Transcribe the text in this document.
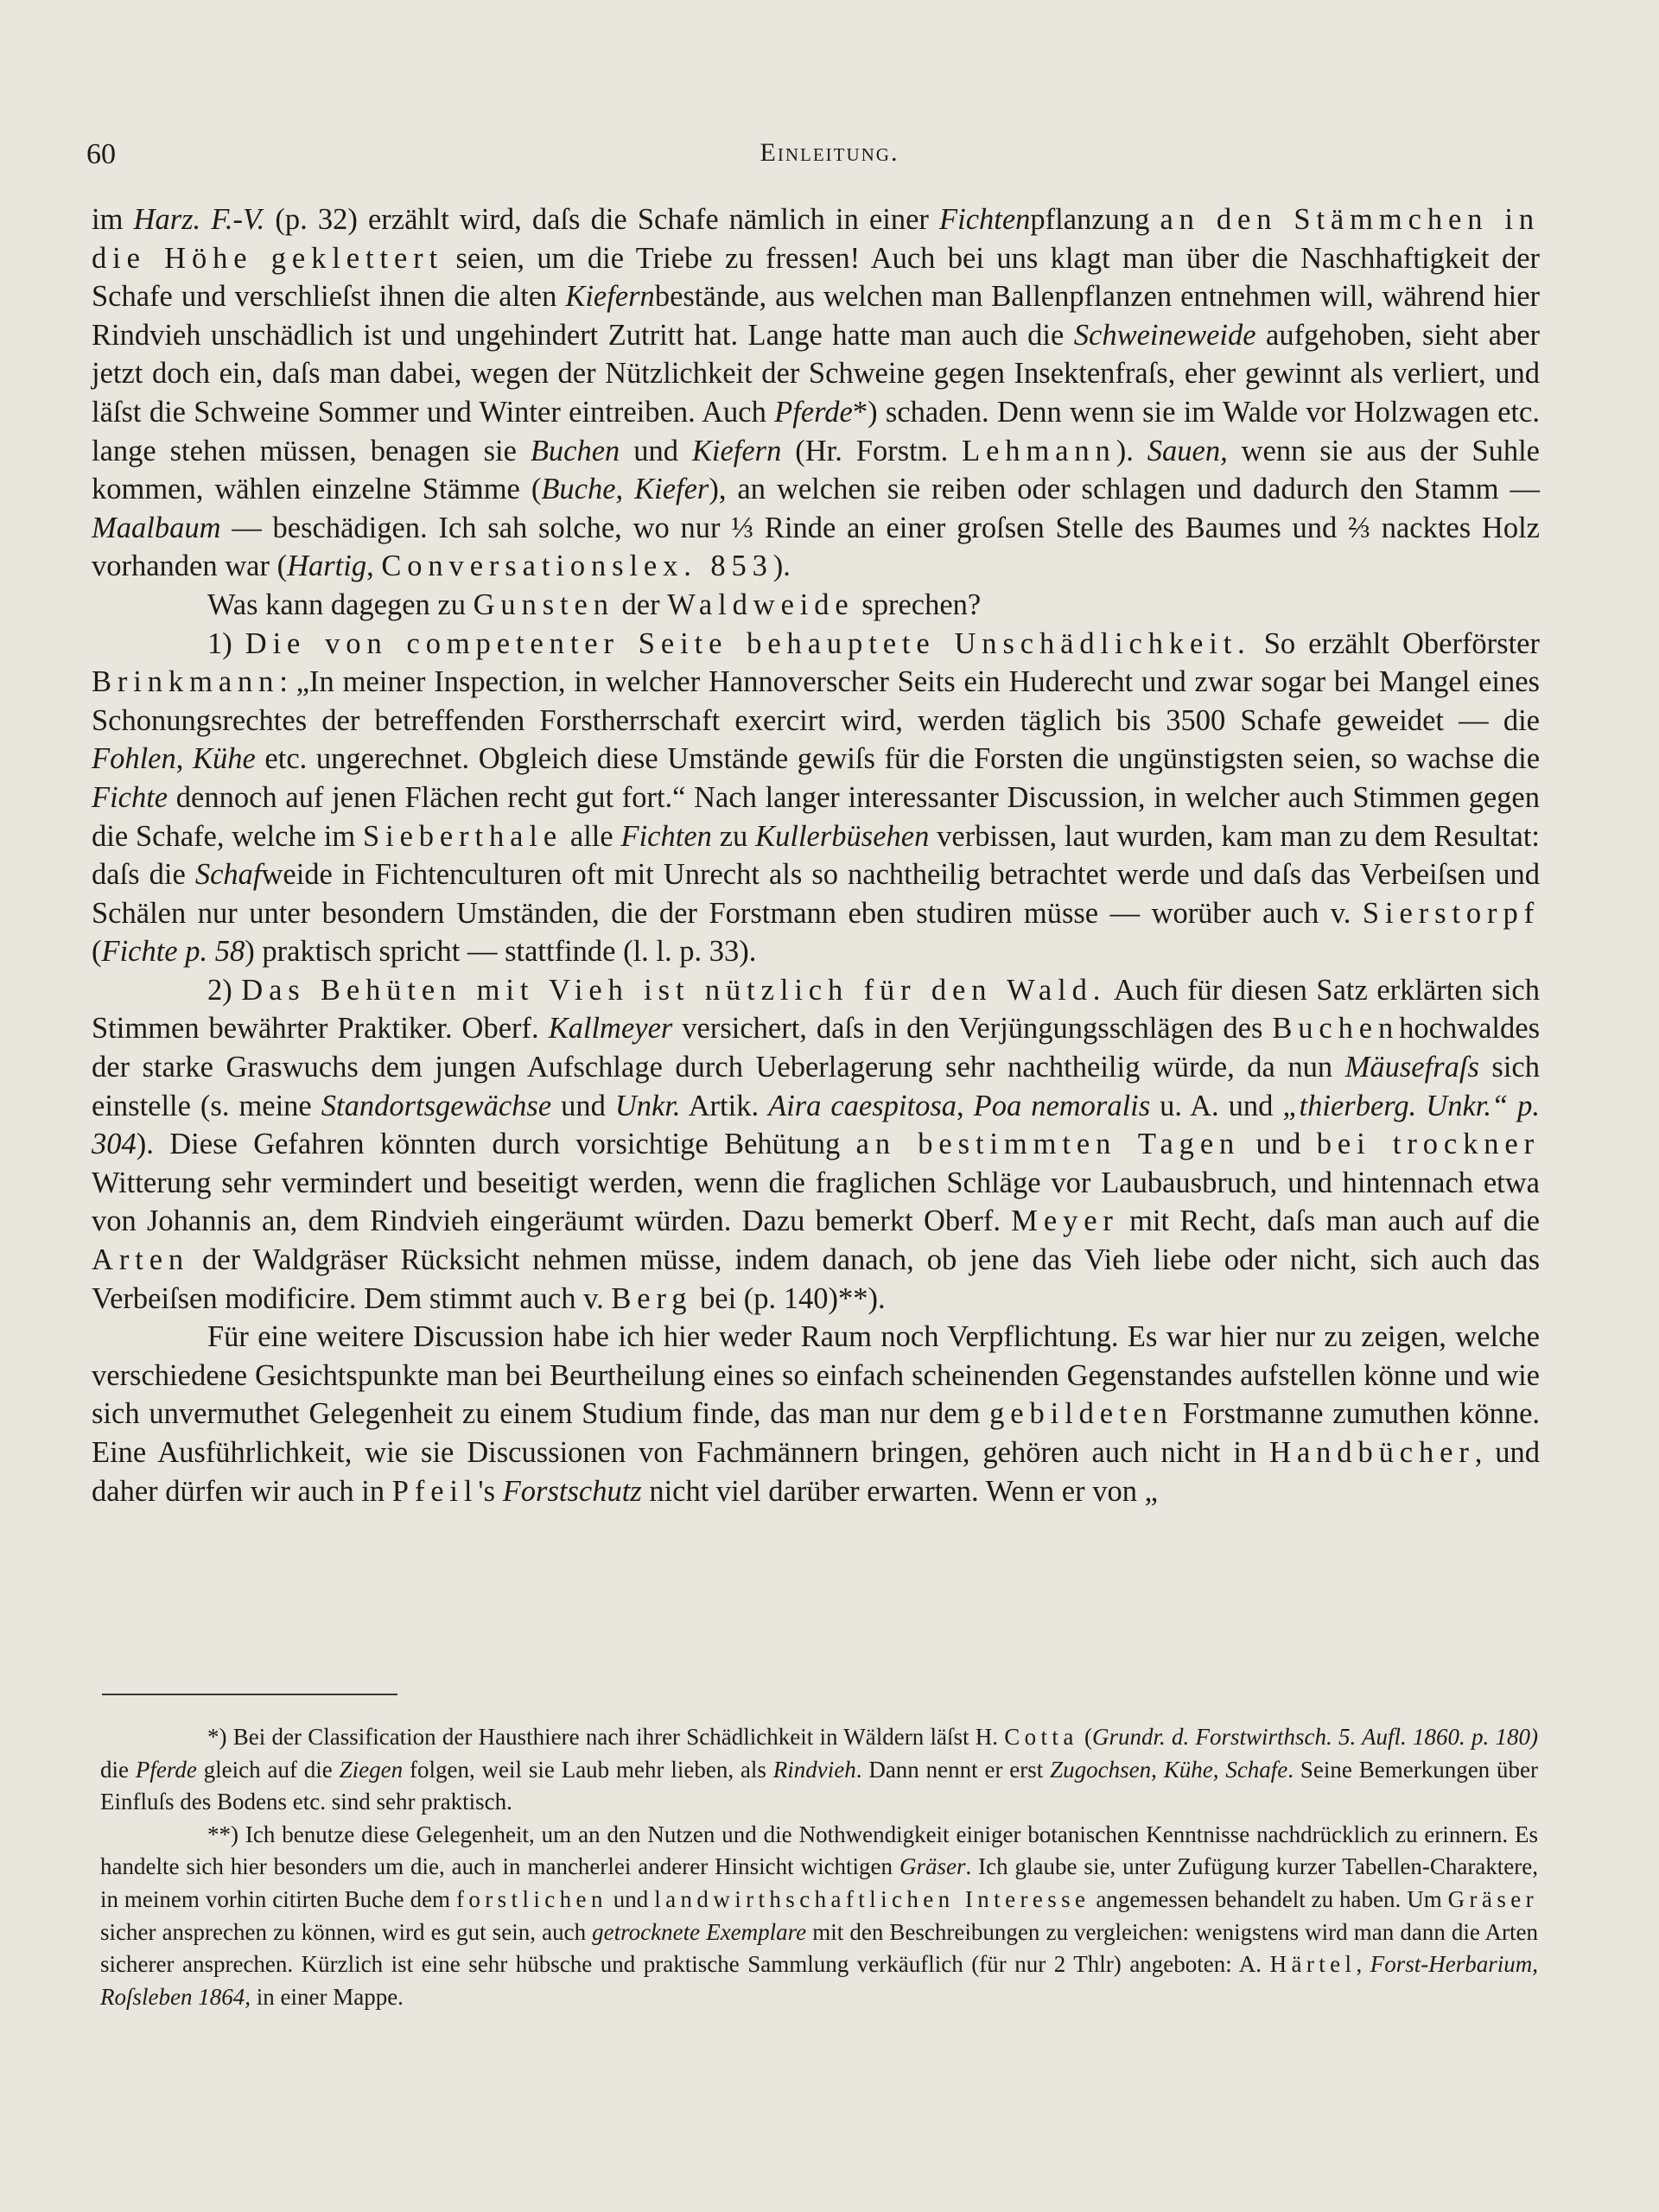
60	Einleitung.

im Harz. F.-V. (p. 32) erzählt wird, daſs die Schafe nämlich in einer Fichtenpflanzung an den Stämmchen in die Höhe geklettert seien, um die Triebe zu fressen! Auch bei uns klagt man über die Naschhaftigkeit der Schafe und verschlieſst ihnen die alten Kiefernbestände, aus welchen man Ballenpflanzen entnehmen will, während hier Rindvieh unschädlich ist und ungehindert Zutritt hat. Lange hatte man auch die Schweineweide aufgehoben, sieht aber jetzt doch ein, daſs man dabei, wegen der Nützlichkeit der Schweine gegen Insektenfraſs, eher gewinnt als verliert, und läſst die Schweine Sommer und Winter eintreiben. Auch Pferde*) schaden. Denn wenn sie im Walde vor Holzwagen etc. lange stehen müssen, benagen sie Buchen und Kiefern (Hr. Forstm. Lehmann). Sauen, wenn sie aus der Suhle kommen, wählen einzelne Stämme (Buche, Kiefer), an welchen sie reiben oder schlagen und dadurch den Stamm — Maalbaum — beschädigen. Ich sah solche, wo nur ⅓ Rinde an einer groſsen Stelle des Baumes und ⅔ nacktes Holz vorhanden war (Hartig, Conversationslex. 853).

Was kann dagegen zu Gunsten der Waldweide sprechen?

1) Die von competenter Seite behauptete Unschädlichkeit. So erzählt Oberförster Brinkmann: „In meiner Inspection, in welcher Hannoverscher Seits ein Huderecht und zwar sogar bei Mangel eines Schonungsrechtes der betreffenden Forstherrschaft exercirt wird, werden täglich bis 3500 Schafe geweidet — die Fohlen, Kühe etc. ungerechnet. Obgleich diese Umstände gewiſs für die Forsten die ungünstigsten seien, so wachse die Fichte dennoch auf jenen Flächen recht gut fort.“ Nach langer interessanter Discussion, in welcher auch Stimmen gegen die Schafe, welche im Sieberthale alle Fichten zu Kullerbüsehen verbissen, laut wurden, kam man zu dem Resultat: daſs die Schafweide in Fichtenculturen oft mit Unrecht als so nachtheilig betrachtet werde und daſs das Verbeiſsen und Schälen nur unter besondern Umständen, die der Forstmann eben studiren müsse — worüber auch v. Sierstorpf (Fichte p. 58) praktisch spricht — stattfinde (l. l. p. 33).

2) Das Behüten mit Vieh ist nützlich für den Wald. Auch für diesen Satz erklärten sich Stimmen bewährter Praktiker. Oberf. Kallmeyer versichert, daſs in den Verjüngungsschlägen des Buchenhochwaldes der starke Graswuchs dem jungen Aufschlage durch Ueberlagerung sehr nachtheilig würde, da nun Mäusefraſs sich einstelle (s. meine Standortsgewächse und Unkr. Artik. Aira caespitosa, Poa nemoralis u. A. und „thierberg. Unkr.“ p. 304). Diese Gefahren könnten durch vorsichtige Behütung an bestimmten Tagen und bei trockner Witterung sehr vermindert und beseitigt werden, wenn die fraglichen Schläge vor Laubausbruch, und hintennach etwa von Johannis an, dem Rindvieh eingeräumt würden. Dazu bemerkt Oberf. Meyer mit Recht, daſs man auch auf die Arten der Waldgräser Rücksicht nehmen müsse, indem danach, ob jene das Vieh liebe oder nicht, sich auch das Verbeiſsen modificire. Dem stimmt auch v. Berg bei (p. 140)**).

Für eine weitere Discussion habe ich hier weder Raum noch Verpflichtung. Es war hier nur zu zeigen, welche verschiedene Gesichtspunkte man bei Beurtheilung eines so einfach scheinenden Gegenstandes aufstellen könne und wie sich unvermuthet Gelegenheit zu einem Studium finde, das man nur dem gebildeten Forstmanne zumuthen könne. Eine Ausführlichkeit, wie sie Discussionen von Fachmännern bringen, gehören auch nicht in Handbücher, und daher dürfen wir auch in Pfeil's Forstschutz nicht viel darüber erwarten. Wenn er von „

*) Bei der Classification der Hausthiere nach ihrer Schädlichkeit in Wäldern läſst H. Cotta (Grundr. d. Forstwirthsch. 5. Aufl. 1860. p. 180) die Pferde gleich auf die Ziegen folgen, weil sie Laub mehr lieben, als Rindvieh. Dann nennt er erst Zugochsen, Kühe, Schafe. Seine Bemerkungen über Einfluſs des Bodens etc. sind sehr praktisch.

**) Ich benutze diese Gelegenheit, um an den Nutzen und die Nothwendigkeit einiger botanischen Kenntnisse nachdrücklich zu erinnern. Es handelte sich hier besonders um die, auch in mancherlei anderer Hinsicht wichtigen Gräser. Ich glaube sie, unter Zufügung kurzer Tabellen-Charaktere, in meinem vorhin citirten Buche dem forstlichen und landwirthschaftlichen Interesse angemessen behandelt zu haben. Um Gräser sicher ansprechen zu können, wird es gut sein, auch getrocknete Exemplare mit den Beschreibungen zu vergleichen: wenigstens wird man dann die Arten sicherer ansprechen. Kürzlich ist eine sehr hübsche und praktische Sammlung verkäuflich (für nur 2 Thlr) angeboten: A. Härtel, Forst-Herbarium, Roſsleben 1864, in einer Mappe.
